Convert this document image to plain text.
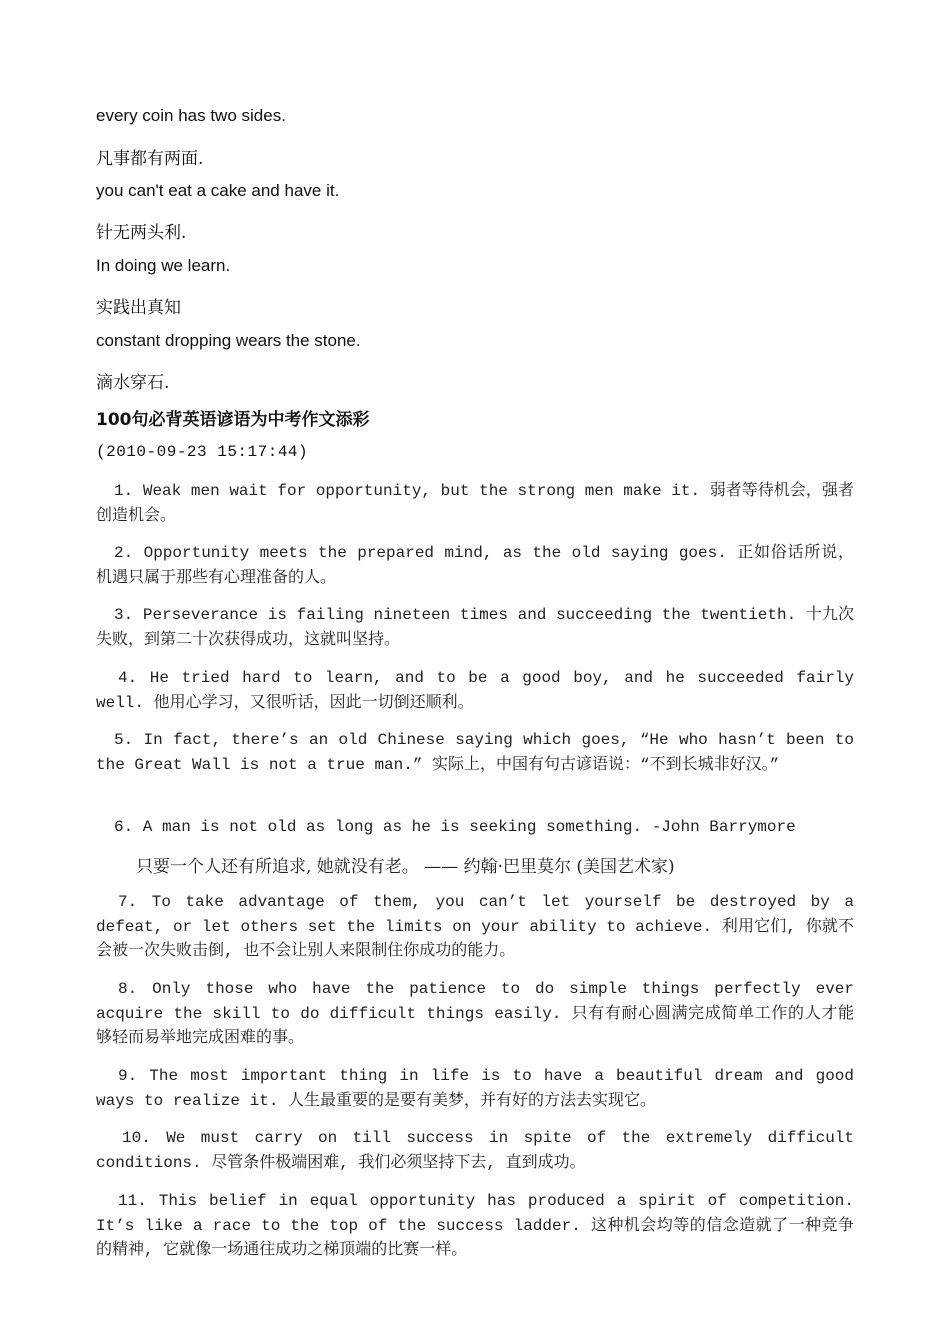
every coin has two sides.
凡事都有两面.
you can't eat a cake and have it.
针无两头利.
In doing we learn.
实践出真知
constant dropping wears the stone.
滴水穿石.
100句必背英语谚语为中考作文添彩
(2010-09-23 15:17:44)
1. Weak men wait for opportunity, but the strong men make it. 弱者等待机会，强者创造机会。
2. Opportunity meets the prepared mind, as the old saying goes. 正如俗话所说，机遇只属于那些有心理准备的人。
3. Perseverance is failing nineteen times and succeeding the twentieth. 十九次失败，到第二十次获得成功，这就叫坚持。
4. He tried hard to learn, and to be a good boy, and he succeeded fairly well. 他用心学习，又很听话，因此一切倒还顺利。
5. In fact, there’s an old Chinese saying which goes, “He who hasn’t been to the Great Wall is not a true man.” 实际上，中国有句古谚语说：“不到长城非好汉。”
6. A man is not old as long as he is seeking something. -John Barrymore
只要一个人还有所追求, 她就没有老。 —— 约翰·巴里莫尔 (美国艺术家)
7. To take advantage of them, you can’t let yourself be destroyed by a defeat, or let others set the limits on your ability to achieve. 利用它们, 你就不会被一次失败击倒, 也不会让别人来限制住你成功的能力。
8. Only those who have the patience to do simple things perfectly ever acquire the skill to do difficult things easily. 只有有耐心圆满完成简单工作的人才能够轻而易举地完成困难的事。
9. The most important thing in life is to have a beautiful dream and good ways to realize it. 人生最重要的是要有美梦，并有好的方法去实现它。
10. We must carry on till success in spite of the extremely difficult conditions. 尽管条件极端困难, 我们必须坚持下去, 直到成功。
11. This belief in equal opportunity has produced a spirit of competition. It’s like a race to the top of the success ladder. 这种机会均等的信念造就了一种竞争的精神, 它就像一场通往成功之梯顶端的比赛一样。
